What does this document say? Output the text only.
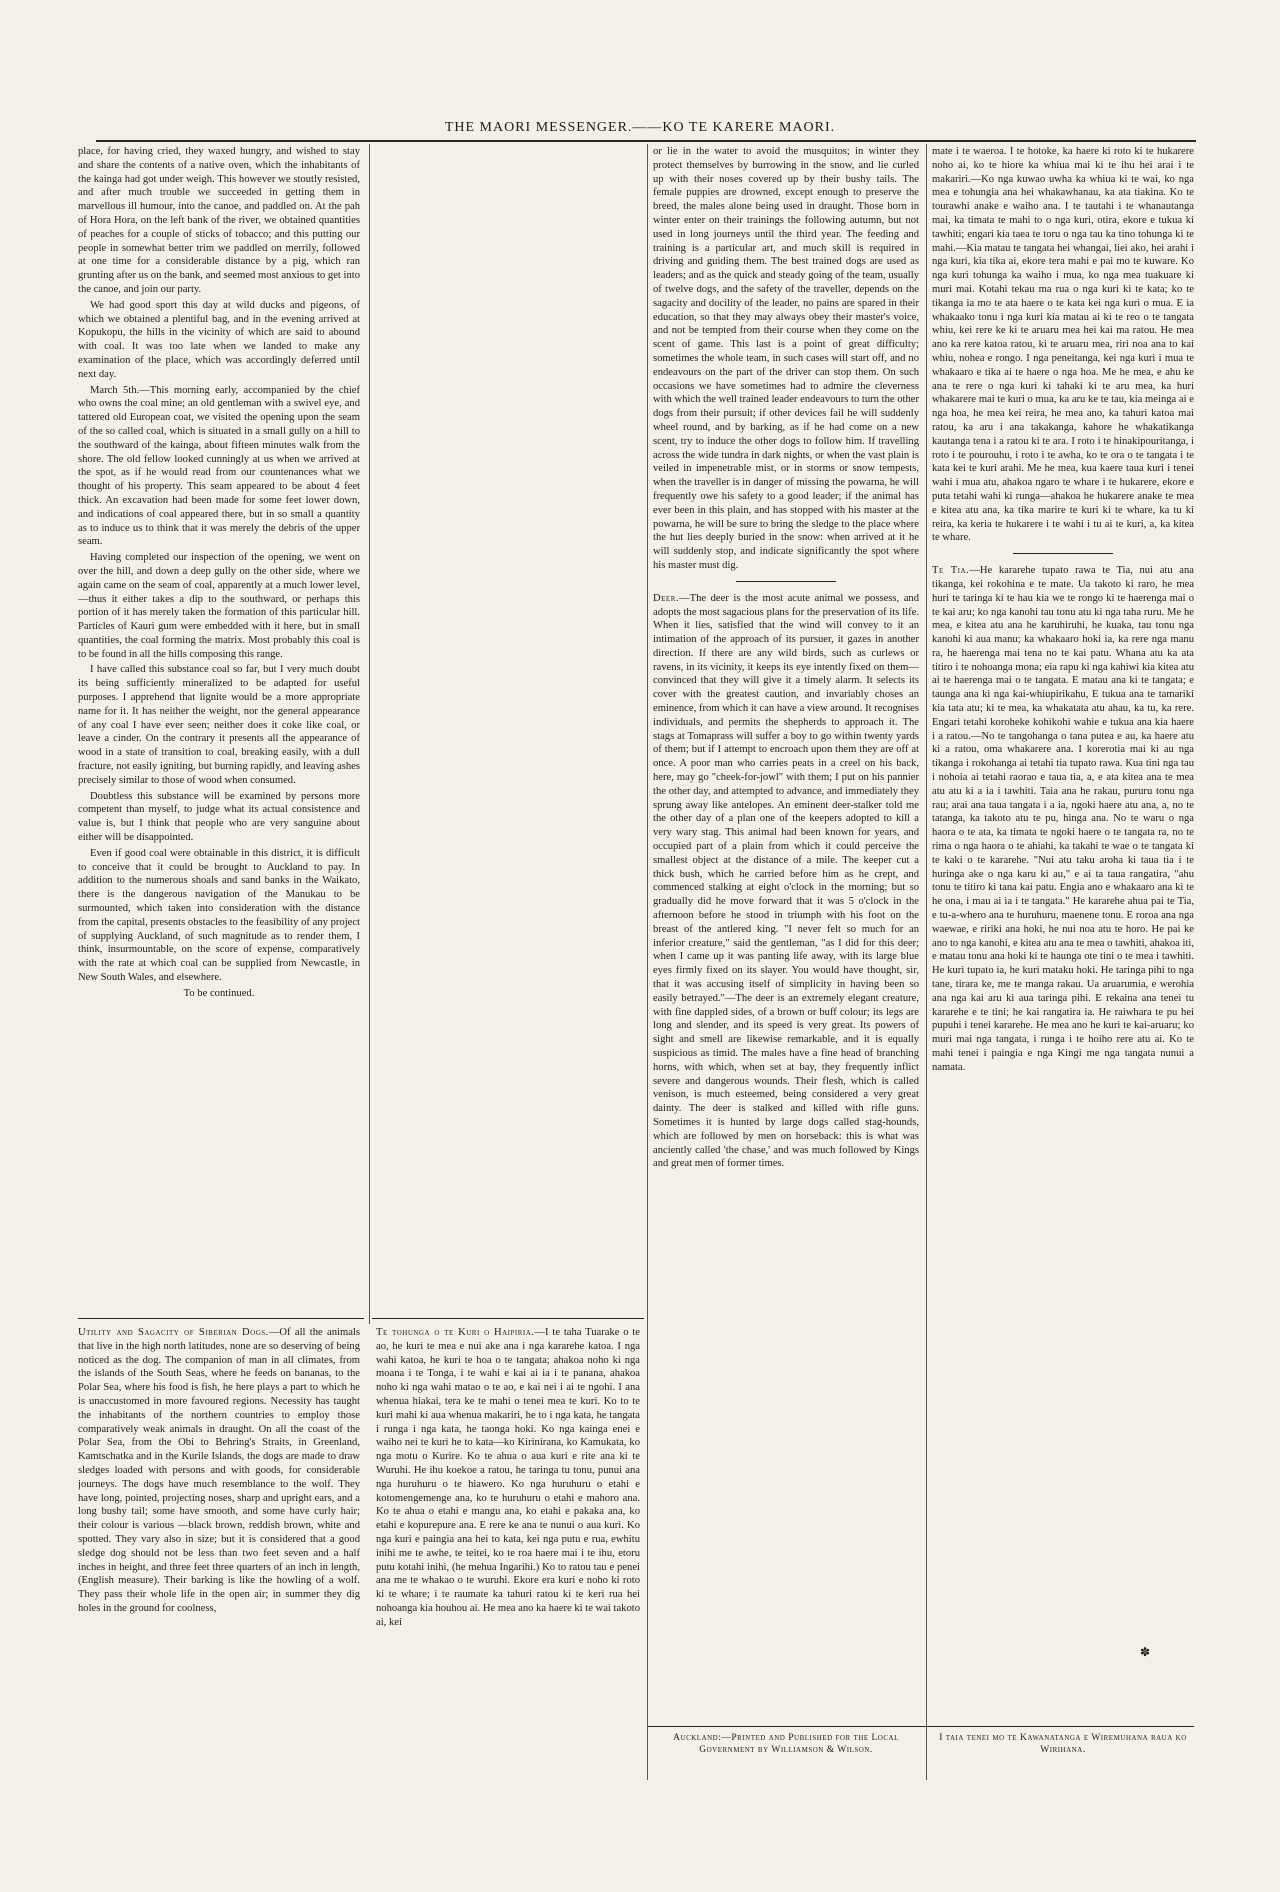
THE MAORI MESSENGER.——KO TE KARERE MAORI.

place, for having cried, they waxed hungry, and wished to stay and share the contents of a native oven, which the inhabitants of the kainga had got under weigh. This however we stoutly resisted, and after much trouble we succeeded in getting them in marvellous ill humour, into the canoe, and paddled on. At the pah of Hora Hora, on the left bank of the river, we obtained quantities of peaches for a couple of sticks of tobacco; and this putting our people in somewhat better trim we paddled on merrily, followed at one time for a considerable distance by a pig, which ran grunting after us on the bank, and seemed most anxious to get into the canoe, and join our party.

We had good sport this day at wild ducks and pigeons, of which we obtained a plentiful bag, and in the evening arrived at Kopukopu, the hills in the vicinity of which are said to abound with coal. It was too late when we landed to make any examination of the place, which was accordingly deferred until next day.

March 5th.—This morning early, accompanied by the chief who owns the coal mine; an old gentleman with a swivel eye, and tattered old European coat, we visited the opening upon the seam of the so called coal, which is situated in a small gully on a hill to the southward of the kainga, about fifteen minutes walk from the shore. The old fellow looked cunningly at us when we arrived at the spot, as if he would read from our countenances what we thought of his property. This seam appeared to be about 4 feet thick. An excavation had been made for some feet lower down, and indications of coal appeared there, but in so small a quantity as to induce us to think that it was merely the debris of the upper seam.

Having completed our inspection of the opening, we went on over the hill, and down a deep gully on the other side, where we again came on the seam of coal, apparently at a much lower level,—thus it either takes a dip to the southward, or perhaps this portion of it has merely taken the formation of this particular hill. Particles of Kauri gum were embedded with it here, but in small quantities, the coal forming the matrix. Most probably this coal is to be found in all the hills composing this range.

I have called this substance coal so far, but I very much doubt its being sufficiently mineralized to be adapted for useful purposes. I apprehend that lignite would be a more appropriate name for it. It has neither the weight, nor the general appearance of any coal I have ever seen; neither does it coke like coal, or leave a cinder. On the contrary it presents all the appearance of wood in a state of transition to coal, breaking easily, with a dull fracture, not easily igniting, but burning rapidly, and leaving ashes precisely similar to those of wood when consumed.

Doubtless this substance will be examined by persons more competent than myself, to judge what its actual consistence and value is, but I think that people who are very sanguine about either will be disappointed.

Even if good coal were obtainable in this district, it is difficult to conceive that it could be brought to Auckland to pay. In addition to the numerous shoals and sand banks in the Waikato, there is the dangerous navigation of the Manukau to be surmounted, which taken into consideration with the distance from the capital, presents obstacles to the feasibility of any project of supplying Auckland, of such magnitude as to render them, I think, insurmountable, on the score of expense, comparatively with the rate at which coal can be supplied from Newcastle, in New South Wales, and elsewhere.

To be continued.

Utility and Sagacity of Siberian Dogs.—Of all the animals that live in the high north latitudes, none are so deserving of being noticed as the dog. The companion of man in all climates, from the islands of the South Seas, where he feeds on bananas, to the Polar Sea, where his food is fish, he here plays a part to which he is unaccustomed in more favoured regions. Necessity has taught the inhabitants of the northern countries to employ those comparatively weak animals in draught. On all the coast of the Polar Sea, from the Obi to Behring's Straits, in Greenland, Kamtschatka and in the Kurile Islands, the dogs are made to draw sledges loaded with persons and with goods, for considerable journeys. The dogs have much resemblance to the wolf. They have long, pointed, projecting noses, sharp and upright ears, and a long bushy tail; some have smooth, and some have curly hair; their colour is various —black brown, reddish brown, white and spotted. They vary also in size; but it is considered that a good sledge dog should not be less than two feet seven and a half inches in height, and three feet three quarters of an inch in length, (English measure). Their barking is like the howling of a wolf. They pass their whole life in the open air; in summer they dig holes in the ground for coolness,

Te tohunga o te Kuri o Haipiria.—I te taha Tuarake o te ao, he kuri te mea e nui ake ana i nga kararehe katoa. I nga wahi katoa, he kuri te hoa o te tangata; ahakoa noho ki nga moana i te Tonga, i te wahi e kai ai ia i te panana, ahakoa noho ki nga wahi matao o te ao, e kai nei i ai te ngohi. I ana whenua hiakai, tera ke te mahi o tenei mea te kuri. Ko to te kuri mahi ki aua whenua makariri, he to i nga kata, he tangata i runga i nga kata, he taonga hoki. Ko nga kainga enei e waiho nei te kuri he to kata—ko Kirinirana, ko Kamukata, ko nga motu o Kurire. Ko te ahua o aua kuri e rite ana ki te Wuruhi. He ihu koekoe a ratou, he taringa tu tonu, punui ana nga huruhuru o te hiawero. Ko nga huruhuru o etahi e kotomengemenge ana, ko te huruhuru o etahi e mahoro ana. Ko te ahua o etahi e mangu ana, ko etahi e pakaka ana, ko etahi e kopurepure ana. E rere ke ana te nunui o aua kuri. Ko nga kuri e paingia ana hei to kata, kei nga putu e rua, ewhitu inihi me te awhe, te teitei, ko te roa haere mai i te ihu, etoru putu kotahi inihi, (he mehua Ingarihi.) Ko to ratou tau e penei ana me te whakao o te wuruhi. Ekore era kuri e noho ki roto ki te whare; i te raumate ka tahuri ratou ki te keri rua hei nohoanga kia houhou ai. He mea ano ka haere ki te wai takoto ai, kei

or lie in the water to avoid the musquitos; in winter they protect themselves by burrowing in the snow, and lie curled up with their noses covered up by their bushy tails. The female puppies are drowned, except enough to preserve the breed, the males alone being used in draught. Those born in winter enter on their trainings the following autumn, but not used in long journeys until the third year. The feeding and training is a particular art, and much skill is required in driving and guiding them. The best trained dogs are used as leaders; and as the quick and steady going of the team, usually of twelve dogs, and the safety of the traveller, depends on the sagacity and docility of the leader, no pains are spared in their education, so that they may always obey their master's voice, and not be tempted from their course when they come on the scent of game. This last is a point of great difficulty; sometimes the whole team, in such cases will start off, and no endeavours on the part of the driver can stop them. On such occasions we have sometimes had to admire the cleverness with which the well trained leader endeavours to turn the other dogs from their pursuit; if other devices fail he will suddenly wheel round, and by barking, as if he had come on a new scent, try to induce the other dogs to follow him. If travelling across the wide tundra in dark nights, or when the vast plain is veiled in impenetrable mist, or in storms or snow tempests, when the traveller is in danger of missing the powarna, he will frequently owe his safety to a good leader; if the animal has ever been in this plain, and has stopped with his master at the powarna, he will be sure to bring the sledge to the place where the hut lies deeply buried in the snow: when arrived at it he will suddenly stop, and indicate significantly the spot where his master must dig.

Deer.—The deer is the most acute animal we possess, and adopts the most sagacious plans for the preservation of its life. When it lies, satisfied that the wind will convey to it an intimation of the approach of its pursuer, it gazes in another direction. If there are any wild birds, such as curlews or ravens, in its vicinity, it keeps its eye intently fixed on them—convinced that they will give it a timely alarm. It selects its cover with the greatest caution, and invariably choses an eminence, from which it can have a view around. It recognises individuals, and permits the shepherds to approach it. The stags at Tomaprass will suffer a boy to go within twenty yards of them; but if I attempt to encroach upon them they are off at once. A poor man who carries peats in a creel on his back, here, may go "cheek-for-jowl" with them; I put on his pannier the other day, and attempted to advance, and immediately they sprung away like antelopes. An eminent deer-stalker told me the other day of a plan one of the keepers adopted to kill a very wary stag. This animal had been known for years, and occupied part of a plain from which it could perceive the smallest object at the distance of a mile. The keeper cut a thick bush, which he carried before him as he crept, and commenced stalking at eight o'clock in the morning; but so gradually did he move forward that it was 5 o'clock in the afternoon before he stood in triumph with his foot on the breast of the antlered king. "I never felt so much for an inferior creature," said the gentleman, "as I did for this deer; when I came up it was panting life away, with its large blue eyes firmly fixed on its slayer. You would have thought, sir, that it was accusing itself of simplicity in having been so easily betrayed."—The deer is an extremely elegant creature, with fine dappled sides, of a brown or buff colour; its legs are long and slender, and its speed is very great. Its powers of sight and smell are likewise remarkable, and it is equally suspicious as timid. The males have a fine head of branching horns, with which, when set at bay, they frequently inflict severe and dangerous wounds. Their flesh, which is called venison, is much esteemed, being considered a very great dainty. The deer is stalked and killed with rifle guns. Sometimes it is hunted by large dogs called stag-hounds, which are followed by men on horseback: this is what was anciently called 'the chase,' and was much followed by Kings and great men of former times.

mate i te waeroa. I te hotoke, ka haere ki roto ki te hukarere noho ai, ko te hiore ka whiua mai ki te ihu hei arai i te makariri.—Ko nga kuwao uwha ka whiua ki te wai, ko nga mea e tohungia ana hei whakawhanau, ka ata tiakina. Ko te tourawhi anake e waiho ana. I te tautahi i te whanautanga mai, ka timata te mahi to o nga kuri, otira, ekore e tukua ki tawhiti; engari kia taea te toru o nga tau ka tino tohunga ki te mahi.—Kia matau te tangata hei whangai, liei ako, hei arahi i nga kuri, kia tika ai, ekore tera mahi e pai mo te kuware. Ko nga kuri tohunga ka waiho i mua, ko nga mea tuakuare ki muri mai. Kotahi tekau ma rua o nga kuri ki te kata; ko te tikanga ia mo te ata haere o te kata kei nga kuri o mua. E ia whakaako tonu i nga kuri kia matau ai ki te reo o te tangata whiu, kei rere ke ki te aruaru mea hei kai ma ratou. He mea ano ka rere katoa ratou, ki te aruaru mea, riri noa ana to kai whiu, nohea e rongo. I nga peneitanga, kei nga kuri i mua te whakaaro e tika ai te haere o nga hoa. Me he mea, e ahu ke ana te rere o nga kuri ki tahaki ki te aru mea, ka huri whakarere mai te kuri o mua, ka aru ke te tau, kia meinga ai e nga hoa, he mea kei reira, he mea ano, ka tahuri katoa mai ratou, ka aru i ana takakanga, kahore he whakatikanga kautanga tena i a ratou ki te ara. I roto i te hinakipouritanga, i roto i te pourouhu, i roto i te awha, ko te ora o te tangata i te kata kei te kuri arahi. Me he mea, kua kaere taua kuri i tenei wahi i mua atu, ahakoa ngaro te whare i te hukarere, ekore e puta tetahi wahi ki runga—ahakoa he hukarere anake te mea e kitea atu ana, ka tika marire te kuri ki te whare, ka tu ki reira, ka keria te hukarere i te wahi i tu ai te kuri, a, ka kitea te whare.

Te Tia.—He kararehe tupato rawa te Tia, nui atu ana tikanga, kei rokohina e te mate. Ua takoto ki raro, he mea huri te taringa ki te hau kia we te rongo ki te haerenga mai o te kai aru; ko nga kanohi tau tonu atu ki nga taha ruru. Me he mea, e kitea atu ana he karuhiruhi, he kuaka, tau tonu nga kanohi ki aua manu; ka whakaaro hoki ia, ka rere nga manu ra, he haerenga mai tena no te kai patu. Whana atu ka ata titiro i te nohoanga mona; eia rapu ki nga kahiwi kia kitea atu ai te haerenga mai o te tangata. E matau ana ki te tangata; e taunga ana ki nga kai-whiupirikahu, E tukua ana te tamariki kia tata atu; ki te mea, ka whakatata atu ahau, ka tu, ka rere. Engari tetahi koroheke kohikohi wahie e tukua ana kia haere i a ratou.—No te tangohanga o tana putea e au, ka haere atu ki a ratou, oma whakarere ana. I korerotia mai ki au nga tikanga i rokohanga ai tetahi tia tupato rawa. Kua tini nga tau i nohoia ai tetahi raorao e taua tia, a, e ata kitea ana te mea atu atu ki a ia i tawhiti. Taia ana he rakau, pururu tonu nga rau; arai ana taua tangata i a ia, ngoki haere atu ana, a, no te tatanga, ka takoto atu te pu, hinga ana. No te waru o nga haora o te ata, ka timata te ngoki haere o te tangata ra, no te rima o nga haora o te ahiahi, ka takahi te wae o te tangata ki te kaki o te kararehe. "Nui atu taku aroha ki taua tia i te huringa ake o nga karu ki au," e ai ta taua rangatira, "ahu tonu te titiro ki tana kai patu. Engia ano e whakaaro ana ki te he ona, i mau ai ia i te tangata." He kararehe ahua pai te Tia, e tu-a-whero ana te huruhuru, maenene tonu. E roroa ana nga waewae, e ririki ana hoki, he nui noa atu te horo. He pai ke ano to nga kanohi, e kitea atu ana te mea o tawhiti, ahakoa iti, e matau tonu ana hoki ki te haunga ote tini o te mea i tawhiti. He kuri tupato ia, he kuri mataku hoki. He taringa pihi to nga tane, tirara ke, me te manga rakau. Ua aruarumia, e werohia ana nga kai aru ki aua taringa pihi. E rekaina ana tenei tu kararehe e te tini; he kai rangatira ia. He raiwhara te pu hei pupuhi i tenei kararehe. He mea ano he kuri te kai-aruaru; ko muri mai nga tangata, i runga i te hoiho rere atu ai. Ko te mahi tenei i paingia e nga Kingi me nga tangata nunui a namata.

✽
Auckland:—Printed and Published for the Local Government by Williamson & Wilson.
I taia tenei mo te Kawanatanga e Wiremuhana raua ko Wirihana.
